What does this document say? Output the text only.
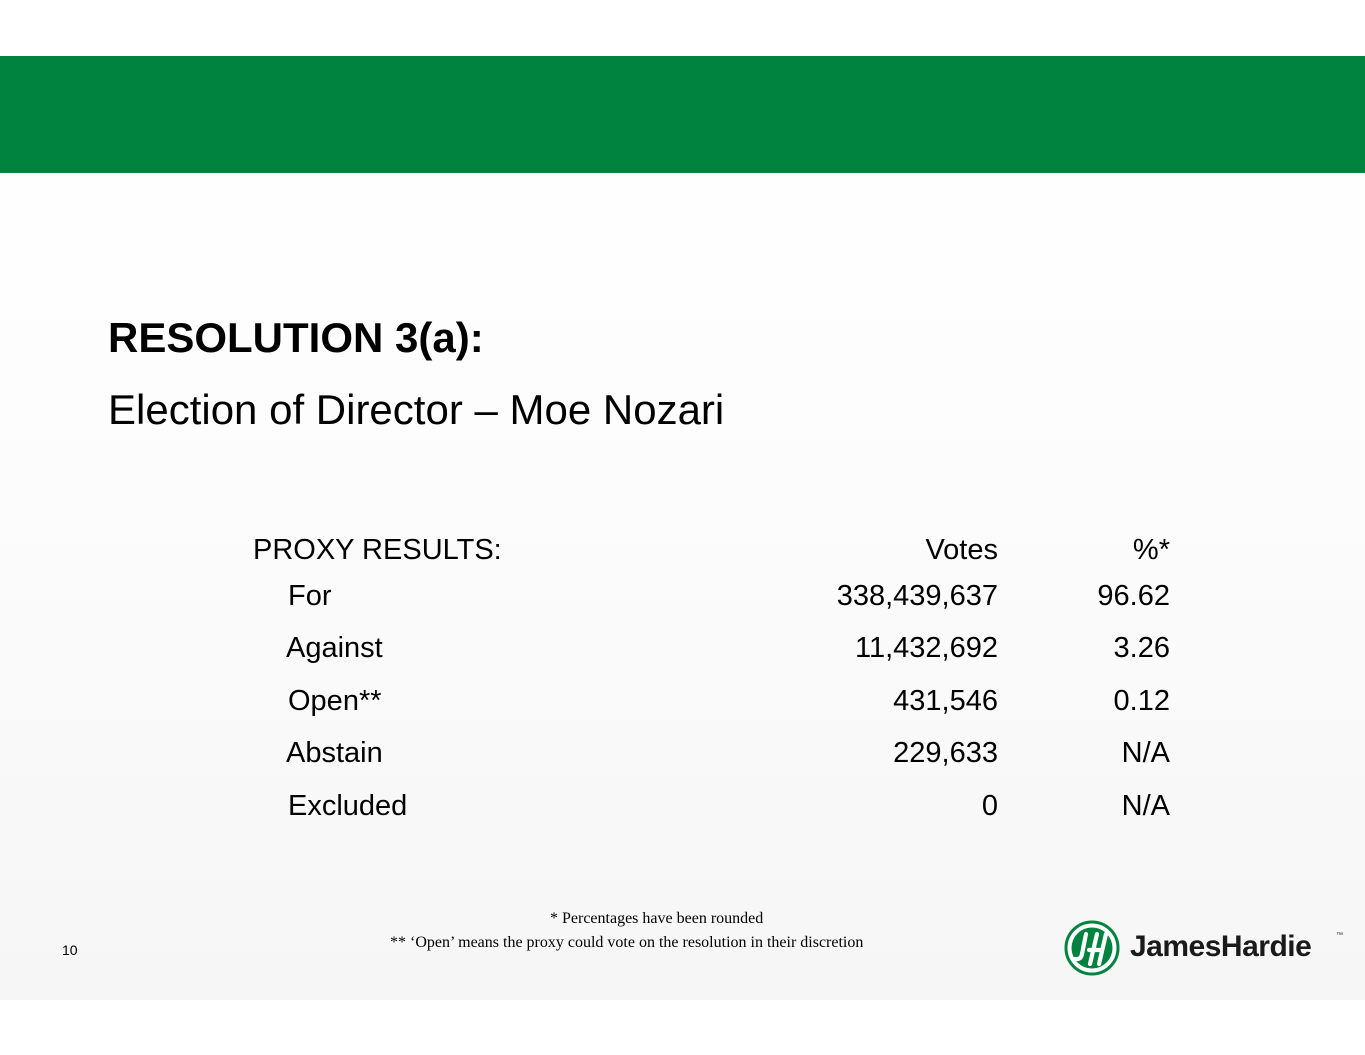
RESOLUTION 3(a):
Election of Director – Moe Nozari
PROXY RESULTS:	Votes	%*
For	338,439,637	96.62
Against	11,432,692	3.26
Open**	431,546	0.12
Abstain	229,633	N/A
Excluded	0	N/A
* Percentages have been rounded
** ‘Open’ means the proxy could vote on the resolution in their discretion
10	JamesHardie	™
